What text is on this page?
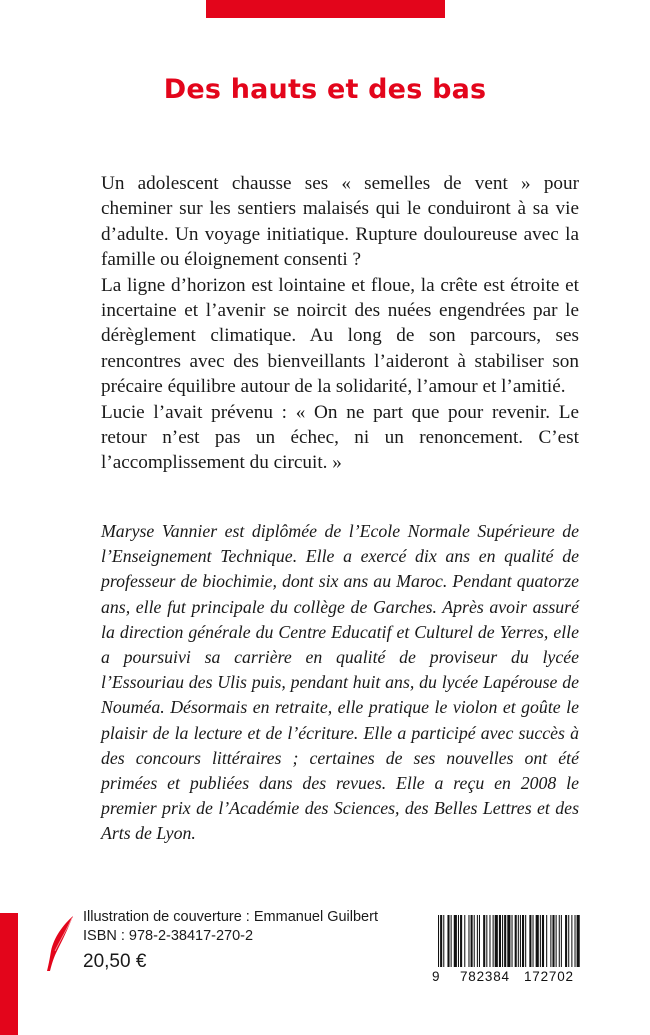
Des hauts et des bas

Un adolescent chausse ses « semelles de vent » pour cheminer sur les sentiers malaisés qui le conduiront à sa vie d’adulte. Un voyage initiatique. Rupture douloureuse avec la famille ou éloignement consenti ?

La ligne d’horizon est lointaine et floue, la crête est étroite et incertaine et l’avenir se noircit des nuées engendrées par le dérèglement climatique. Au long de son parcours, ses rencontres avec des bienveillants l’aideront à stabiliser son précaire équilibre autour de la solidarité, l’amour et l’amitié.

Lucie l’avait prévenu : « On ne part que pour revenir. Le retour n’est pas un échec, ni un renoncement. C’est l’accomplissement du circuit. »

Maryse Vannier est diplômée de l’Ecole Normale Supérieure de l’Enseignement Technique. Elle a exercé dix ans en qualité de professeur de biochimie, dont six ans au Maroc. Pendant quatorze ans, elle fut principale du collège de Garches. Après avoir assuré la direction générale du Centre Educatif et Culturel de Yerres, elle a poursuivi sa carrière en qualité de proviseur du lycée l’Essouriau des Ulis puis, pendant huit ans, du lycée Lapérouse de Nouméa. Désormais en retraite, elle pratique le violon et goûte le plaisir de la lecture et de l’écriture. Elle a participé avec succès à des concours littéraires ; certaines de ses nouvelles ont été primées et publiées dans des revues. Elle a reçu en 2008 le premier prix de l’Académie des Sciences, des Belles Lettres et des Arts de Lyon.

Illustration de couverture : Emmanuel Guilbert
ISBN : 978-2-38417-270-2
20,50 €
9 782384 172702
